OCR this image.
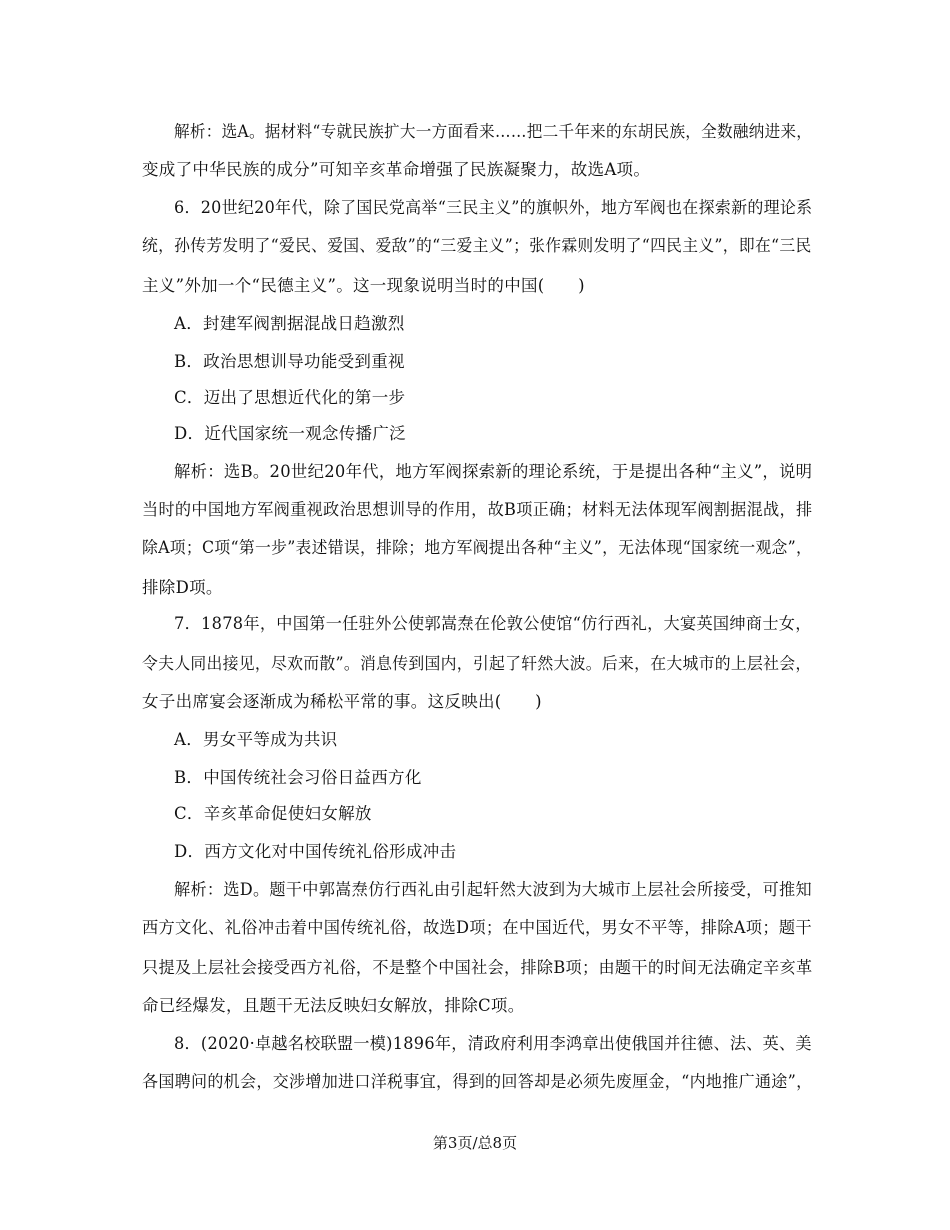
解析：选A。据材料“专就民族扩大一方面看来……把二千年来的东胡民族，全数融纳进来，
变成了中华民族的成分”可知辛亥革命增强了民族凝聚力，故选A项。
6．20世纪20年代，除了国民党高举“三民主义”的旗帜外，地方军阀也在探索新的理论系
统，孙传芳发明了“爱民、爱国、爱敌”的“三爱主义”；张作霖则发明了“四民主义”，即在“三民
主义”外加一个“民德主义”。这一现象说明当时的中国(　　)
A．封建军阀割据混战日趋激烈
B．政治思想训导功能受到重视
C．迈出了思想近代化的第一步
D．近代国家统一观念传播广泛
解析：选B。20世纪20年代，地方军阀探索新的理论系统，于是提出各种“主义”，说明
当时的中国地方军阀重视政治思想训导的作用，故B项正确；材料无法体现军阀割据混战，排
除A项；C项“第一步”表述错误，排除；地方军阀提出各种“主义”，无法体现“国家统一观念”，
排除D项。
7．1878年，中国第一任驻外公使郭嵩焘在伦敦公使馆“仿行西礼，大宴英国绅商士女，
令夫人同出接见，尽欢而散”。消息传到国内，引起了轩然大波。后来，在大城市的上层社会，
女子出席宴会逐渐成为稀松平常的事。这反映出(　　)
A．男女平等成为共识
B．中国传统社会习俗日益西方化
C．辛亥革命促使妇女解放
D．西方文化对中国传统礼俗形成冲击
解析：选D。题干中郭嵩焘仿行西礼由引起轩然大波到为大城市上层社会所接受，可推知
西方文化、礼俗冲击着中国传统礼俗，故选D项；在中国近代，男女不平等，排除A项；题干
只提及上层社会接受西方礼俗，不是整个中国社会，排除B项；由题干的时间无法确定辛亥革
命已经爆发，且题干无法反映妇女解放，排除C项。
8．(2020·卓越名校联盟一模)1896年，清政府利用李鸿章出使俄国并往德、法、英、美
各国聘问的机会，交涉增加进口洋税事宜，得到的回答却是必须先废厘金，“内地推广通途”，
第3页/总8页
